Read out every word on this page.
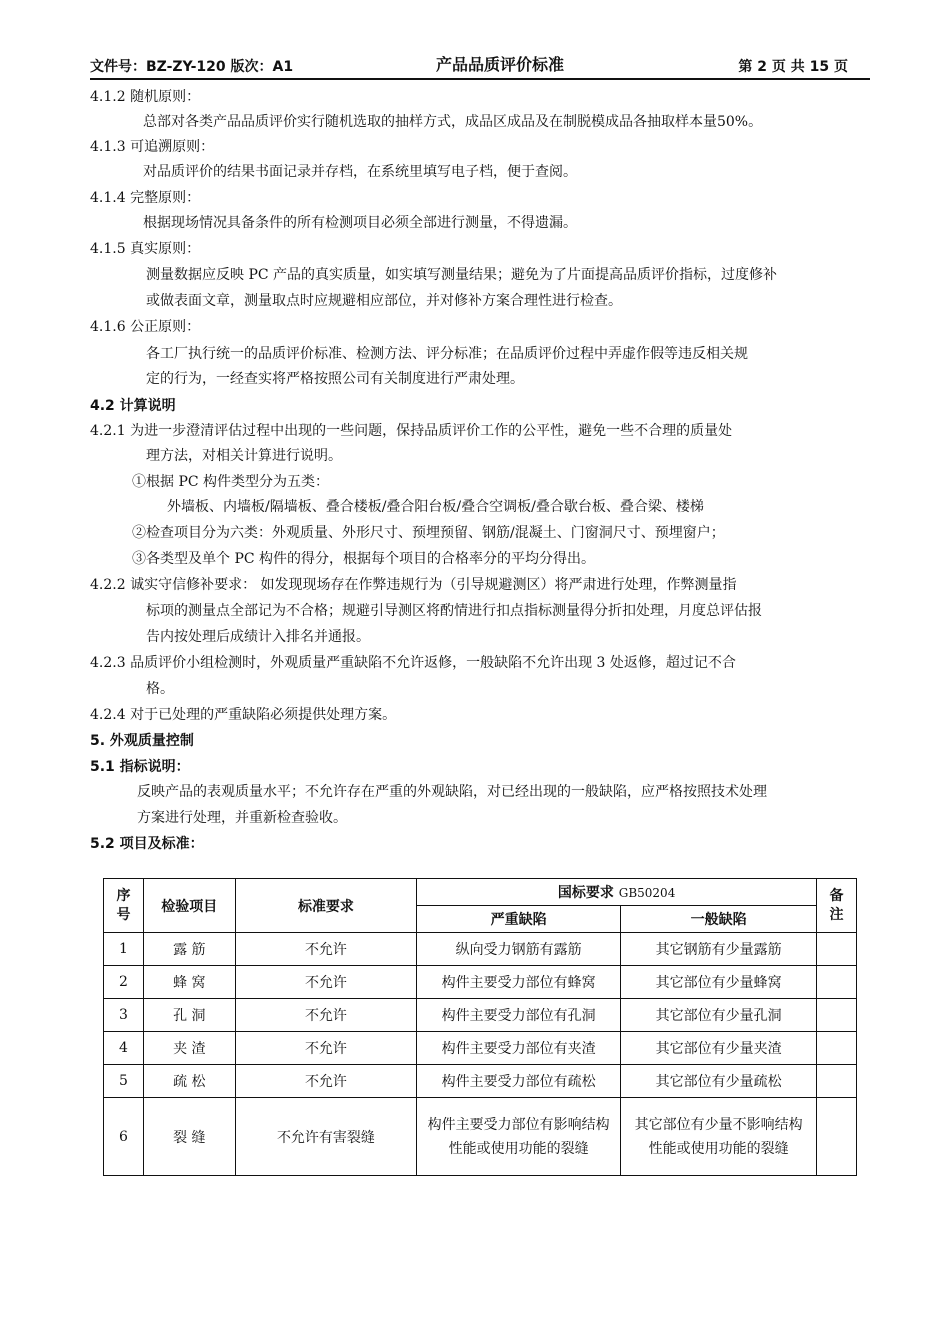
文件号：BZ-ZY-120 版次：A1	产品品质评价标准	第 2 页 共 15 页
4.1.2 随机原则：
总部对各类产品品质评价实行随机选取的抽样方式，成品区成品及在制脱模成品各抽取样本量50%。
4.1.3 可追溯原则：
对品质评价的结果书面记录并存档，在系统里填写电子档，便于查阅。
4.1.4 完整原则：
根据现场情况具备条件的所有检测项目必须全部进行测量，不得遗漏。
4.1.5 真实原则：
测量数据应反映 PC 产品的真实质量，如实填写测量结果；避免为了片面提高品质评价指标，过度修补
或做表面文章，测量取点时应规避相应部位，并对修补方案合理性进行检查。
4.1.6 公正原则：
各工厂执行统一的品质评价标准、检测方法、评分标准；在品质评价过程中弄虚作假等违反相关规
定的行为，一经查实将严格按照公司有关制度进行严肃处理。
4.2 计算说明
4.2.1 为进一步澄清评估过程中出现的一些问题，保持品质评价工作的公平性，避免一些不合理的质量处
理方法，对相关计算进行说明。
①根据 PC 构件类型分为五类：
外墙板、内墙板/隔墙板、叠合楼板/叠合阳台板/叠合空调板/叠合歇台板、叠合梁、楼梯
②检查项目分为六类：外观质量、外形尺寸、预埋预留、钢筋/混凝土、门窗洞尺寸、预埋窗户；
③各类型及单个 PC 构件的得分，根据每个项目的合格率分的平均分得出。
4.2.2 诚实守信修补要求： 如发现现场存在作弊违规行为（引导规避测区）将严肃进行处理，作弊测量指
标项的测量点全部记为不合格；规避引导测区将酌情进行扣点指标测量得分折扣处理，月度总评估报
告内按处理后成绩计入排名并通报。
4.2.3 品质评价小组检测时，外观质量严重缺陷不允许返修，一般缺陷不允许出现 3 处返修，超过记不合
格。
4.2.4 对于已处理的严重缺陷必须提供处理方案。
5. 外观质量控制
5.1 指标说明：
反映产品的表观质量水平；不允许存在严重的外观缺陷，对已经出现的一般缺陷，应严格按照技术处理
方案进行处理，并重新检查验收。
5.2 项目及标准：
序号	检验项目	标准要求	国标要求 GB50204		备注

			严重缺陷	一般缺陷	
1	露 筋	不允许	纵向受力钢筋有露筋	其它钢筋有少量露筋	
2	蜂 窝	不允许	构件主要受力部位有蜂窝	其它部位有少量蜂窝	
3	孔 洞	不允许	构件主要受力部位有孔洞	其它部位有少量孔洞	
4	夹 渣	不允许	构件主要受力部位有夹渣	其它部位有少量夹渣	
5	疏 松	不允许	构件主要受力部位有疏松	其它部位有少量疏松	
6	裂 缝	不允许有害裂缝	构件主要受力部位有影响结构性能或使用功能的裂缝	其它部位有少量不影响结构性能或使用功能的裂缝	
